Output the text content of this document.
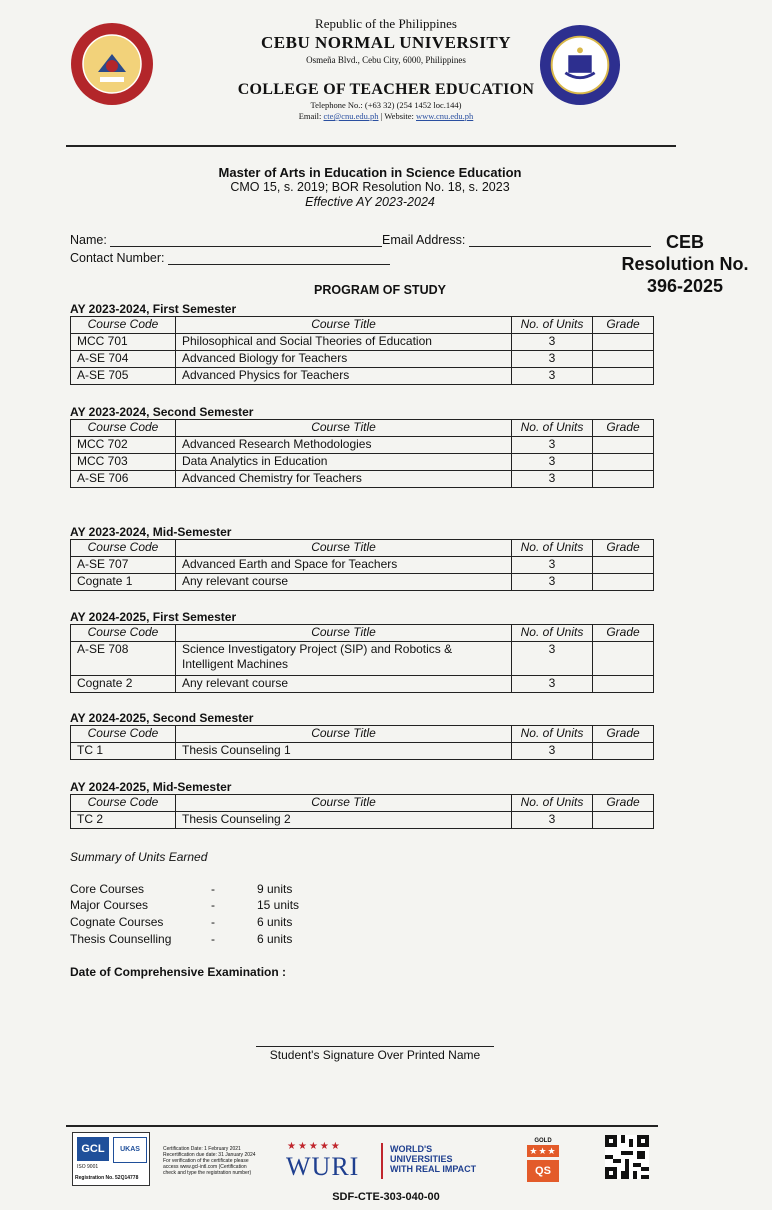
Republic of the Philippines
CEBU NORMAL UNIVERSITY
Osmeña Blvd., Cebu City, 6000, Philippines
COLLEGE OF TEACHER EDUCATION
Telephone No.: (+63 32) (254 1452 loc.144)
Email: cte@cnu.edu.ph | Website: www.cnu.edu.ph
Master of Arts in Education in Science Education
CMO 15, s. 2019; BOR Resolution No. 18, s. 2023
Effective AY 2023-2024
Name:	Email Address:
Contact Number:
CEB
Resolution No.
396-2025
PROGRAM OF STUDY
AY 2023-2024, First Semester
Course Code	Course Title	No. of Units	Grade
MCC 701	Philosophical and Social Theories of Education	3	
A-SE 704	Advanced Biology for Teachers	3	
A-SE 705	Advanced Physics for Teachers	3	
AY 2023-2024, Second Semester
Course Code	Course Title	No. of Units	Grade
MCC 702	Advanced Research Methodologies	3	
MCC 703	Data Analytics in Education	3	
A-SE 706	Advanced Chemistry for Teachers	3	
AY 2023-2024, Mid-Semester
Course Code	Course Title	No. of Units	Grade
A-SE 707	Advanced Earth and Space for Teachers	3	
Cognate 1	Any relevant course	3	
AY 2024-2025, First Semester
Course Code	Course Title	No. of Units	Grade
A-SE 708	Science Investigatory Project (SIP) and Robotics & Intelligent Machines	3	
Cognate 2	Any relevant course	3	
AY 2024-2025, Second Semester
Course Code	Course Title	No. of Units	Grade
TC 1	Thesis Counseling 1	3	
AY 2024-2025, Mid-Semester
Course Code	Course Title	No. of Units	Grade
TC 2	Thesis Counseling 2	3	
Summary of Units Earned
Core Courses	-	9 units
Major Courses	-	15 units
Cognate Courses	-	6 units
Thesis Counselling	-	6 units
Date of Comprehensive Examination :
Student's Signature Over Printed Name
GCL	UKAS
ISO 9001
Registration No. 52Q14778
Certification Date: 1 February 2021 Recertification due date: 31 January 2024 For verification of the certificate please access www.gcl-intl.com (Certification check and type the registration number)
★★★★★
WURI
WORLD'S
UNIVERSITIES
WITH REAL IMPACT
GOLD
★★★
QS
SDF-CTE-303-040-00
